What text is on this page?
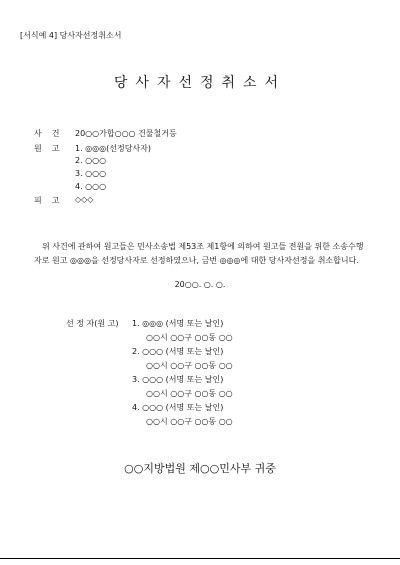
[서식예 4] 당사자선정취소서
당사자선정취소서
사건 20○○가합○○○ 건물철거등
원고 1. ◎◎◎(선정당사자)
2. ○○○
3. ○○○
4. ○○○
피고 ◇◇◇
위 사건에 관하여 원고들은 민사소송법 제53조 제1항에 의하여 원고들 전원을 위한 소송수행자로 원고 ◎◎◎을 선정당사자로 선정하였으나, 금번 ◎◎◎에 대한 당사자선정을 취소합니다.
20○○. ○. ○.
선 정 자(원 고) 1. ◎◎◎ (서명 또는 날인)
○○시 ○○구 ○○동 ○○
2. ○○○ (서명 또는 날인)
○○시 ○○구 ○○동 ○○
3. ○○○ (서명 또는 날인)
○○시 ○○구 ○○동 ○○
4. ○○○ (서명 또는 날인)
○○시 ○○구 ○○동 ○○
○○지방법원 제○○민사부 귀중
